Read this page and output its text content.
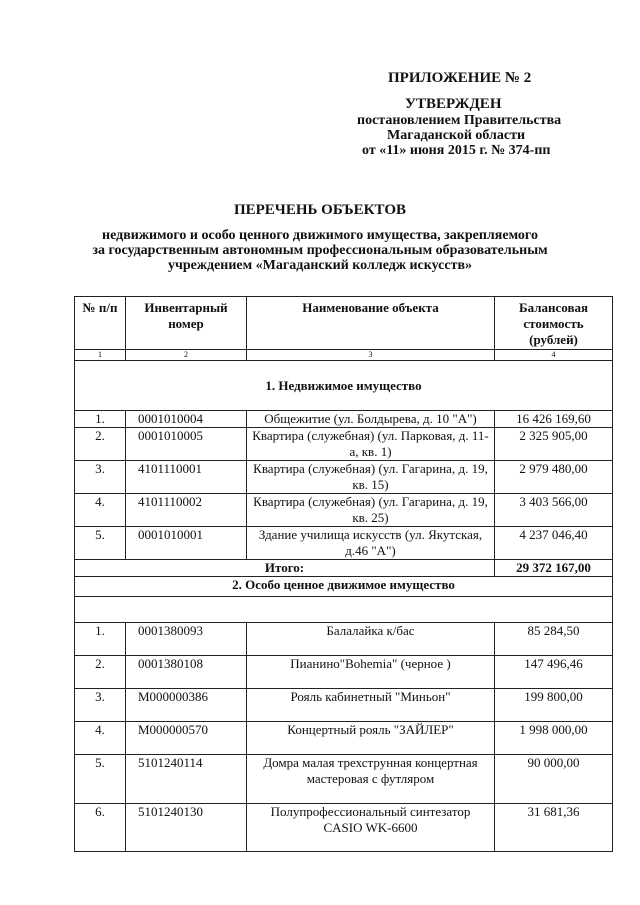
ПРИЛОЖЕНИЕ № 2
УТВЕРЖДЕН
постановлением Правительства
Магаданской области
от «11» июня 2015 г. № 374-пп
ПЕРЕЧЕНЬ ОБЪЕКТОВ
недвижимого и особо ценного движимого имущества, закрепляемого
за государственным автономным профессиональным образовательным
учреждением «Магаданский колледж искусств»
№ п/п	Инвентарный номер	Наименование объекта	Балансовая стоимость (рублей)
1	2	3	4
1. Недвижимое имущество			
1.	0001010004	Общежитие (ул. Болдырева, д. 10 "А")	16 426 169,60
2.	0001010005	Квартира (служебная) (ул. Парковая, д. 11-а, кв. 1)	2 325 905,00
3.	4101110001	Квартира (служебная) (ул. Гагарина, д. 19, кв. 15)	2 979 480,00
4.	4101110002	Квартира (служебная) (ул. Гагарина, д. 19, кв. 25)	3 403 566,00
5.	0001010001	Здание училища искусств (ул. Якутская, д.46 "А")	4 237 046,40
Итого:			29 372 167,00
2. Особо ценное движимое имущество			

1.	0001380093	Балалайка к/бас	85 284,50
2.	0001380108	Пианино"Bohemia" (черное )	147 496,46
3.	М000000386	Рояль кабинетный "Миньон"	199 800,00
4.	М000000570	Концертный рояль "ЗАЙЛЕР"	1 998 000,00
5.	5101240114	Домра малая трехструнная концертная мастеровая с футляром	90 000,00
6.	5101240130	Полупрофессиональный синтезатор CASIO WK-6600	31 681,36
